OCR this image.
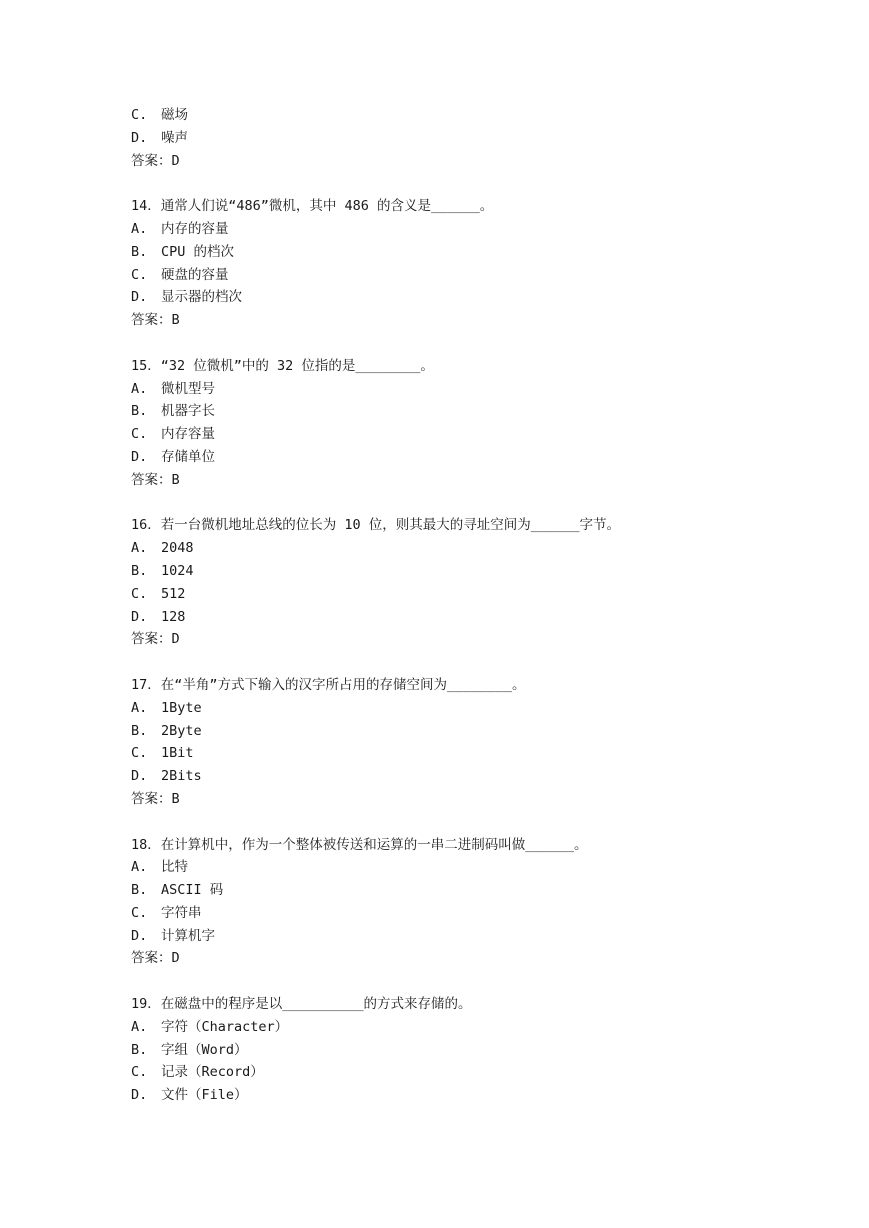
C. 磁场
D. 噪声
答案：D
14．通常人们说“486”微机，其中 486 的含义是______。
A. 内存的容量
B. CPU 的档次
C. 硬盘的容量
D. 显示器的档次
答案：B
15．“32 位微机”中的 32 位指的是________。
A. 微机型号
B. 机器字长
C. 内存容量
D. 存储单位
答案：B
16．若一台微机地址总线的位长为 10 位，则其最大的寻址空间为______字节。
A. 2048
B. 1024
C. 512
D. 128
答案：D
17．在“半角”方式下输入的汉字所占用的存储空间为________。
A. 1Byte
B. 2Byte
C. 1Bit
D. 2Bits
答案：B
18．在计算机中，作为一个整体被传送和运算的一串二进制码叫做______。
A. 比特
B. ASCII 码
C. 字符串
D. 计算机字
答案：D
19．在磁盘中的程序是以__________的方式来存储的。
A. 字符（Character）
B. 字组（Word）
C. 记录（Record）
D. 文件（File）
